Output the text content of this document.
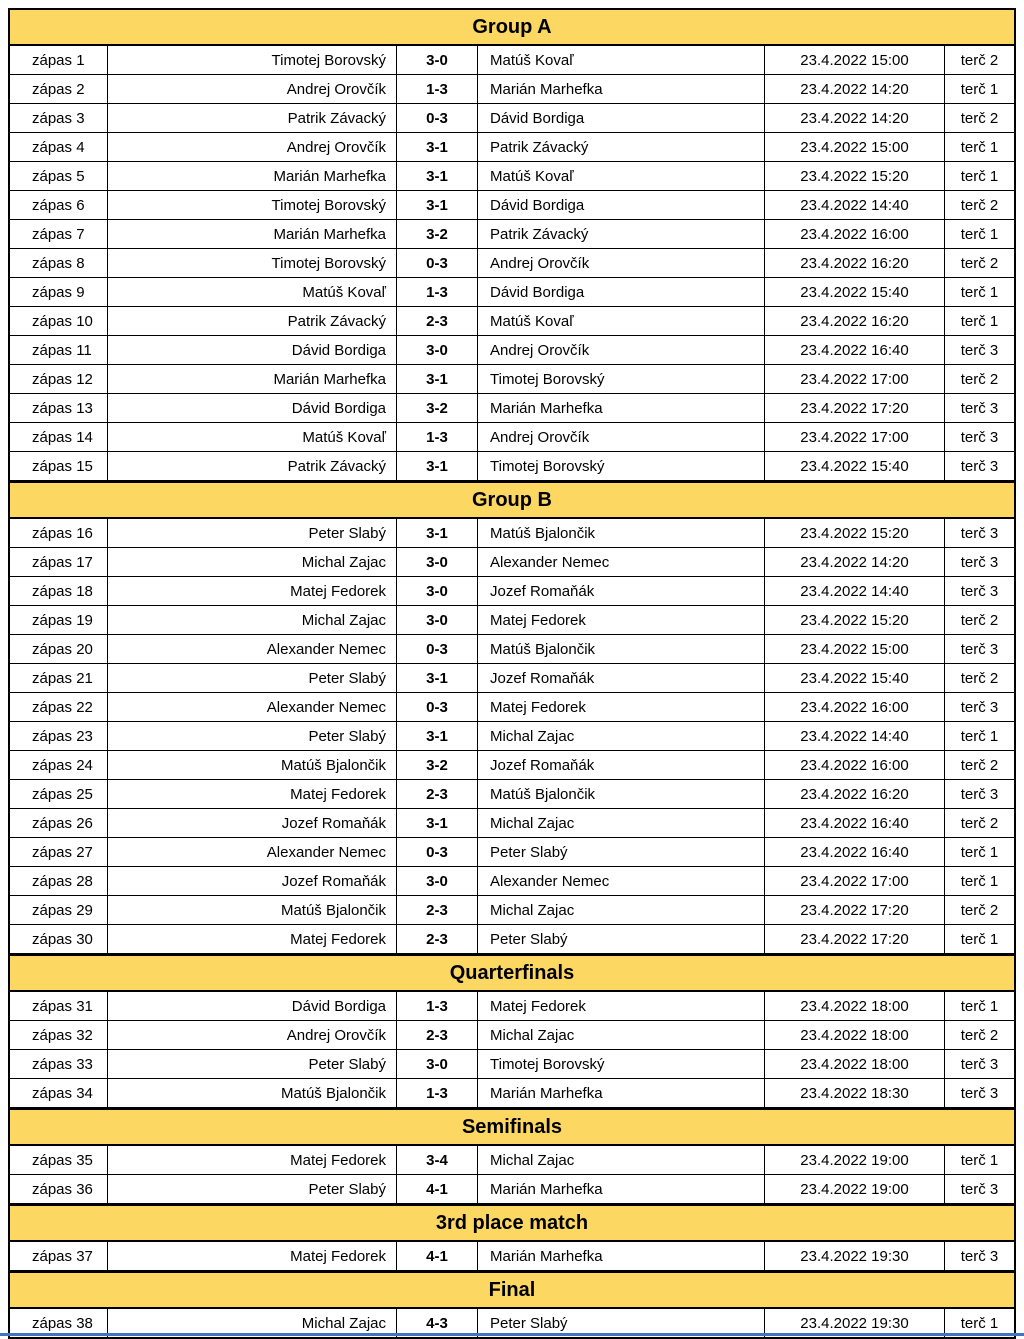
Group A
zápas 1	Timotej Borovský	3-0	Matúš Kovaľ	23.4.2022 15:00	terč 2
zápas 2	Andrej Orovčík	1-3	Marián Marhefka	23.4.2022 14:20	terč 1
zápas 3	Patrik Závacký	0-3	Dávid Bordiga	23.4.2022 14:20	terč 2
zápas 4	Andrej Orovčík	3-1	Patrik Závacký	23.4.2022 15:00	terč 1
zápas 5	Marián Marhefka	3-1	Matúš Kovaľ	23.4.2022 15:20	terč 1
zápas 6	Timotej Borovský	3-1	Dávid Bordiga	23.4.2022 14:40	terč 2
zápas 7	Marián Marhefka	3-2	Patrik Závacký	23.4.2022 16:00	terč 1
zápas 8	Timotej Borovský	0-3	Andrej Orovčík	23.4.2022 16:20	terč 2
zápas 9	Matúš Kovaľ	1-3	Dávid Bordiga	23.4.2022 15:40	terč 1
zápas 10	Patrik Závacký	2-3	Matúš Kovaľ	23.4.2022 16:20	terč 1
zápas 11	Dávid Bordiga	3-0	Andrej Orovčík	23.4.2022 16:40	terč 3
zápas 12	Marián Marhefka	3-1	Timotej Borovský	23.4.2022 17:00	terč 2
zápas 13	Dávid Bordiga	3-2	Marián Marhefka	23.4.2022 17:20	terč 3
zápas 14	Matúš Kovaľ	1-3	Andrej Orovčík	23.4.2022 17:00	terč 3
zápas 15	Patrik Závacký	3-1	Timotej Borovský	23.4.2022 15:40	terč 3
Group B
zápas 16	Peter Slabý	3-1	Matúš Bjalončik	23.4.2022 15:20	terč 3
zápas 17	Michal Zajac	3-0	Alexander Nemec	23.4.2022 14:20	terč 3
zápas 18	Matej Fedorek	3-0	Jozef Romaňák	23.4.2022 14:40	terč 3
zápas 19	Michal Zajac	3-0	Matej Fedorek	23.4.2022 15:20	terč 2
zápas 20	Alexander Nemec	0-3	Matúš Bjalončik	23.4.2022 15:00	terč 3
zápas 21	Peter Slabý	3-1	Jozef Romaňák	23.4.2022 15:40	terč 2
zápas 22	Alexander Nemec	0-3	Matej Fedorek	23.4.2022 16:00	terč 3
zápas 23	Peter Slabý	3-1	Michal Zajac	23.4.2022 14:40	terč 1
zápas 24	Matúš Bjalončik	3-2	Jozef Romaňák	23.4.2022 16:00	terč 2
zápas 25	Matej Fedorek	2-3	Matúš Bjalončik	23.4.2022 16:20	terč 3
zápas 26	Jozef Romaňák	3-1	Michal Zajac	23.4.2022 16:40	terč 2
zápas 27	Alexander Nemec	0-3	Peter Slabý	23.4.2022 16:40	terč 1
zápas 28	Jozef Romaňák	3-0	Alexander Nemec	23.4.2022 17:00	terč 1
zápas 29	Matúš Bjalončik	2-3	Michal Zajac	23.4.2022 17:20	terč 2
zápas 30	Matej Fedorek	2-3	Peter Slabý	23.4.2022 17:20	terč 1
Quarterfinals
zápas 31	Dávid Bordiga	1-3	Matej Fedorek	23.4.2022 18:00	terč 1
zápas 32	Andrej Orovčík	2-3	Michal Zajac	23.4.2022 18:00	terč 2
zápas 33	Peter Slabý	3-0	Timotej Borovský	23.4.2022 18:00	terč 3
zápas 34	Matúš Bjalončik	1-3	Marián Marhefka	23.4.2022 18:30	terč 3
Semifinals
zápas 35	Matej Fedorek	3-4	Michal Zajac	23.4.2022 19:00	terč 1
zápas 36	Peter Slabý	4-1	Marián Marhefka	23.4.2022 19:00	terč 3
3rd place match
zápas 37	Matej Fedorek	4-1	Marián Marhefka	23.4.2022 19:30	terč 3
Final
zápas 38	Michal Zajac	4-3	Peter Slabý	23.4.2022 19:30	terč 1
